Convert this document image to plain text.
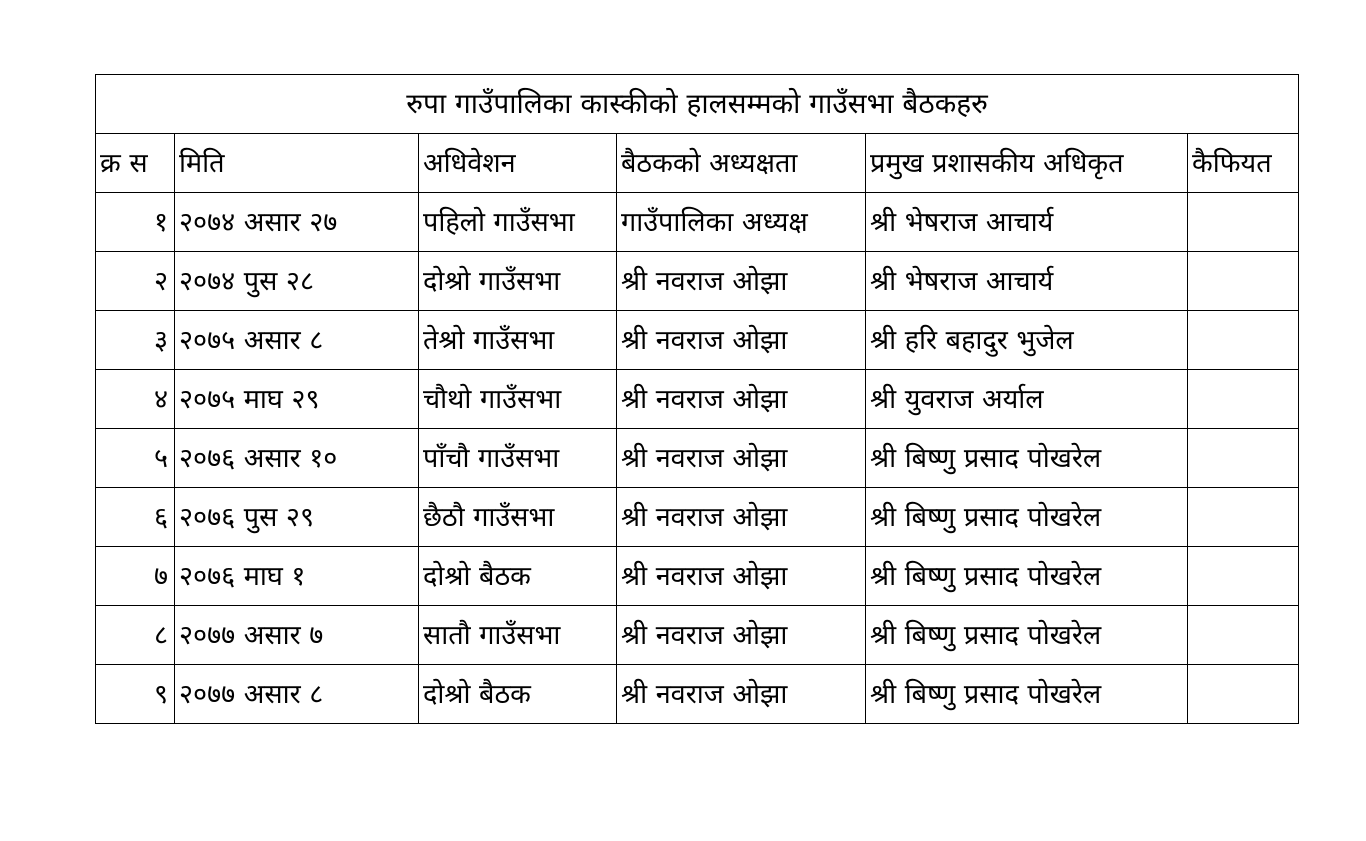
रुपा गाउँपालिका कास्कीको हालसम्मको गाउँसभा बैठकहरु					
क्र स	मिति	अधिवेशन	बैठकको अध्यक्षता	प्रमुख प्रशासकीय अधिकृत	कैफियत
१	२०७४ असार २७	पहिलो गाउँसभा	गाउँपालिका अध्यक्ष	श्री भेषराज आचार्य	
२	२०७४ पुस २८	दोश्रो गाउँसभा	श्री नवराज ओझा	श्री भेषराज आचार्य	
३	२०७५ असार ८	तेश्रो गाउँसभा	श्री नवराज ओझा	श्री हरि बहादुर भुजेल	
४	२०७५ माघ २९	चौथो गाउँसभा	श्री नवराज ओझा	श्री युवराज अर्याल	
५	२०७६ असार १०	पाँचौ गाउँसभा	श्री नवराज ओझा	श्री बिष्णु प्रसाद पोखरेल	
६	२०७६ पुस २९	छैठौ गाउँसभा	श्री नवराज ओझा	श्री बिष्णु प्रसाद पोखरेल	
७	२०७६ माघ १	दोश्रो बैठक	श्री नवराज ओझा	श्री बिष्णु प्रसाद पोखरेल	
८	२०७७ असार ७	सातौ गाउँसभा	श्री नवराज ओझा	श्री बिष्णु प्रसाद पोखरेल	
९	२०७७ असार ८	दोश्रो बैठक	श्री नवराज ओझा	श्री बिष्णु प्रसाद पोखरेल	
